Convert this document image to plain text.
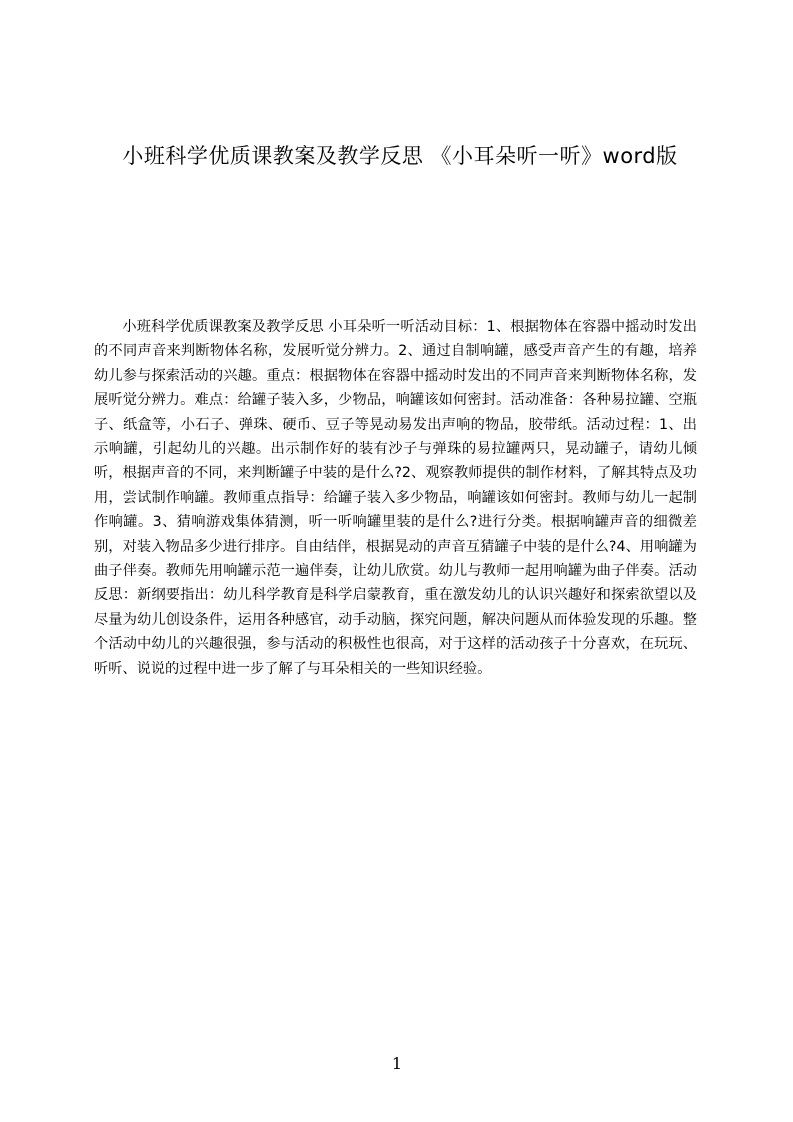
小班科学优质课教案及教学反思 《小耳朵听一听》word版

小班科学优质课教案及教学反思 小耳朵听一听活动目标：1、根据物体在容器中摇动时发出的不同声音来判断物体名称，发展听觉分辨力。2、通过自制响罐，感受声音产生的有趣，培养幼儿参与探索活动的兴趣。重点：根据物体在容器中摇动时发出的不同声音来判断物体名称，发展听觉分辨力。难点：给罐子装入多，少物品，响罐该如何密封。活动准备：各种易拉罐、空瓶子、纸盒等，小石子、弹珠、硬币、豆子等晃动易发出声响的物品，胶带纸。活动过程：1、出示响罐，引起幼儿的兴趣。出示制作好的装有沙子与弹珠的易拉罐两只，晃动罐子，请幼儿倾听，根据声音的不同，来判断罐子中装的是什么?2、观察教师提供的制作材料，了解其特点及功用，尝试制作响罐。教师重点指导：给罐子装入多少物品，响罐该如何密封。教师与幼儿一起制作响罐。3、猜响游戏集体猜测，听一听响罐里装的是什么?进行分类。根据响罐声音的细微差别，对装入物品多少进行排序。自由结伴，根据晃动的声音互猜罐子中装的是什么?4、用响罐为曲子伴奏。教师先用响罐示范一遍伴奏，让幼儿欣赏。幼儿与教师一起用响罐为曲子伴奏。活动反思：新纲要指出：幼儿科学教育是科学启蒙教育，重在激发幼儿的认识兴趣好和探索欲望以及尽量为幼儿创设条件，运用各种感官，动手动脑，探究问题，解决问题从而体验发现的乐趣。整个活动中幼儿的兴趣很强，参与活动的积极性也很高，对于这样的活动孩子十分喜欢，在玩玩、听听、说说的过程中进一步了解了与耳朵相关的一些知识经验。

1
